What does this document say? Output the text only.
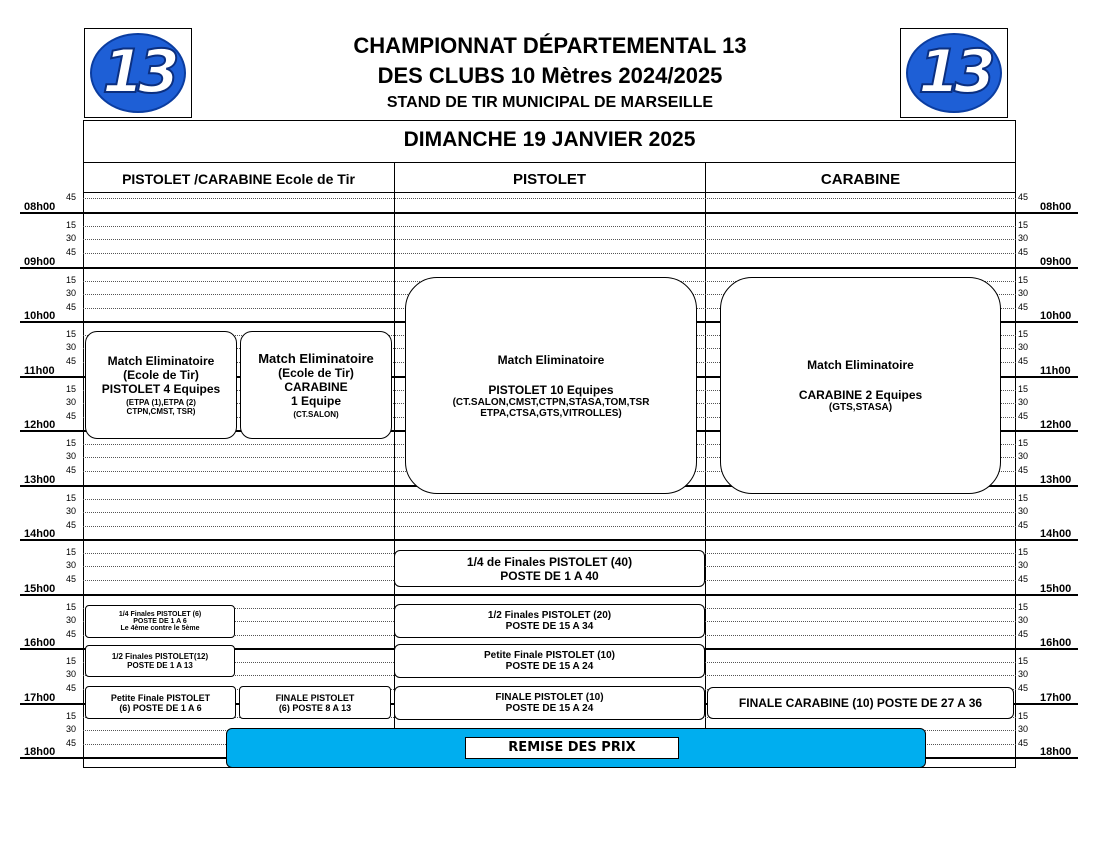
13	13
CHAMPIONNAT DÉPARTEMENTAL 13
DES CLUBS 10 Mètres 2024/2025
STAND DE TIR MUNICIPAL DE MARSEILLE
DIMANCHE 19 JANVIER 2025
PISTOLET /CARABINE Ecole de Tir	PISTOLET	CARABINE
45	45
08h00	08h00
15	15
30	30
45	45
09h00	09h00
15	15
30	30
45	45
10h00	10h00
15	15
30	30
45	45
11h00	11h00
15	15
30	30
45	45
12h00	12h00
15	15
30	30
45	45
13h00	13h00
15	15
30	30
45	45
14h00	14h00
15	15
30	30
45	45
15h00	15h00
15	15
30	30
45	45
16h00	16h00
15	15
30	30
45	45
17h00	17h00
15	15
30	30
45	45
18h00	18h00
Match Eliminatoire
(Ecole de Tir)
PISTOLET 4 Equipes
(ETPA (1),ETPA (2)
CTPN,CMST, TSR)
Match Eliminatoire
(Ecole de Tir)
CARABINE
1 Equipe
(CT.SALON)
Match Eliminatoire
PISTOLET 10 Equipes
(CT.SALON,CMST,CTPN,STASA,TOM,TSR
ETPA,CTSA,GTS,VITROLLES)
Match Eliminatoire
CARABINE 2 Equipes
(GTS,STASA)
1/4 de Finales PISTOLET (40)
POSTE DE 1 A 40
1/2 Finales PISTOLET (20)
POSTE DE 15 A 34
Petite Finale PISTOLET (10)
POSTE DE 15 A 24
FINALE PISTOLET (10)
POSTE DE 15 A 24	FINALE CARABINE (10) POSTE DE 27 A 36
1/4 Finales PISTOLET (6)
POSTE DE 1 A 6
Le 4ème contre le 5ème
1/2 Finales PISTOLET(12)
POSTE DE 1 A 13
Petite Finale PISTOLET
(6) POSTE DE 1 A 6
FINALE PISTOLET
(6) POSTE 8 A 13
REMISE DES PRIX
